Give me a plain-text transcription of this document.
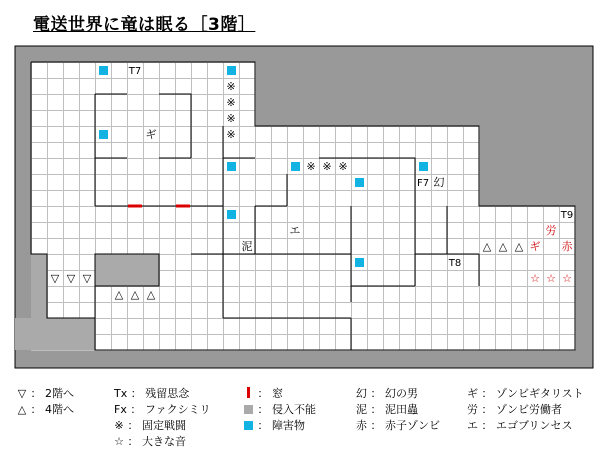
電送世界に竜は眠る［3階］
T7
T8
T9
F7 幻
ギ
泥
エ	労
ギ 赤
※
※
※
※
※ ※ ※
▽ ▽ ▽
△ △ △
△ △ △
☆ ☆ ☆
▽ ： 2階へ
△ ： 4階へ
Tx ： 残留思念
Fx ： ファクシミリ
※ ： 固定戦闘
☆ ： 大きな音
： 窓
： 侵入不能
： 障害物
幻 ： 幻の男
泥 ： 泥田蟲
赤 ： 赤子ゾンビ
ギ ： ゾンビギタリスト
労 ： ゾンビ労働者
エ ： エゴブリンセス
